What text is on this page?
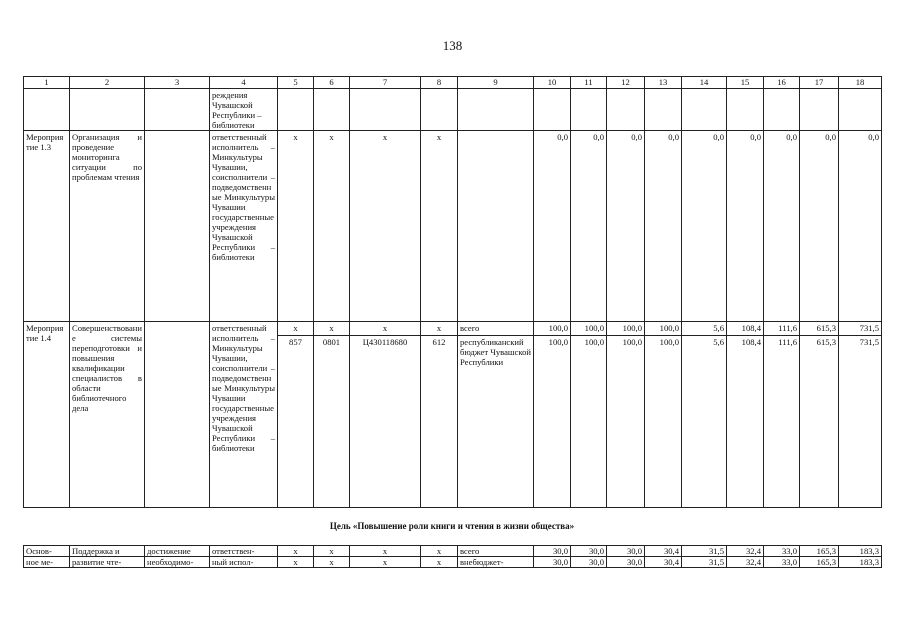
138
1	2	3	4	5	6	7	8	9	10	11	12	13	14	15	16	17	18
			реждения Чувашской Республики – библиотеки														
Мероприятие 1.3	Организация и проведение мониторинга ситуации по проблемам чтения		ответственный исполнитель – Минкультуры Чувашии, соисполнители – подведомственные Минкультуры Чувашии государственные учреждения Чувашской Республики – библиотеки	x	x	x	x		0,0	0,0	0,0	0,0	0,0	0,0	0,0	0,0	0,0
Мероприятие 1.4	Совершенствование системы переподготовки и повышения квалификации специалистов в области библиотечного дела		ответственный исполнитель – Минкультуры Чувашии, соисполнители – подведомственные Минкультуры Чувашии государственные учреждения Чувашской Республики – библиотеки	x	x	x	x	всего	100,0	100,0	100,0	100,0	5,6	108,4	111,6	615,3	731,5
				857	0801	Ц430118680	612	республиканский бюджет Чувашской Республики	100,0	100,0	100,0	100,0	5,6	108,4	111,6	615,3	731,5
Цель «Повышение роли книги и чтения в жизни общества»
Основ-	Поддержка и	достижение	ответствен-	x	x	x	x	всего	30,0	30,0	30,0	30,4	31,5	32,4	33,0	165,3	183,3
ное ме-	развитие чте-	необходимо-	ный испол-	x	x	x	x	внебюджет-	30,0	30,0	30,0	30,4	31,5	32,4	33,0	165,3	183,3
